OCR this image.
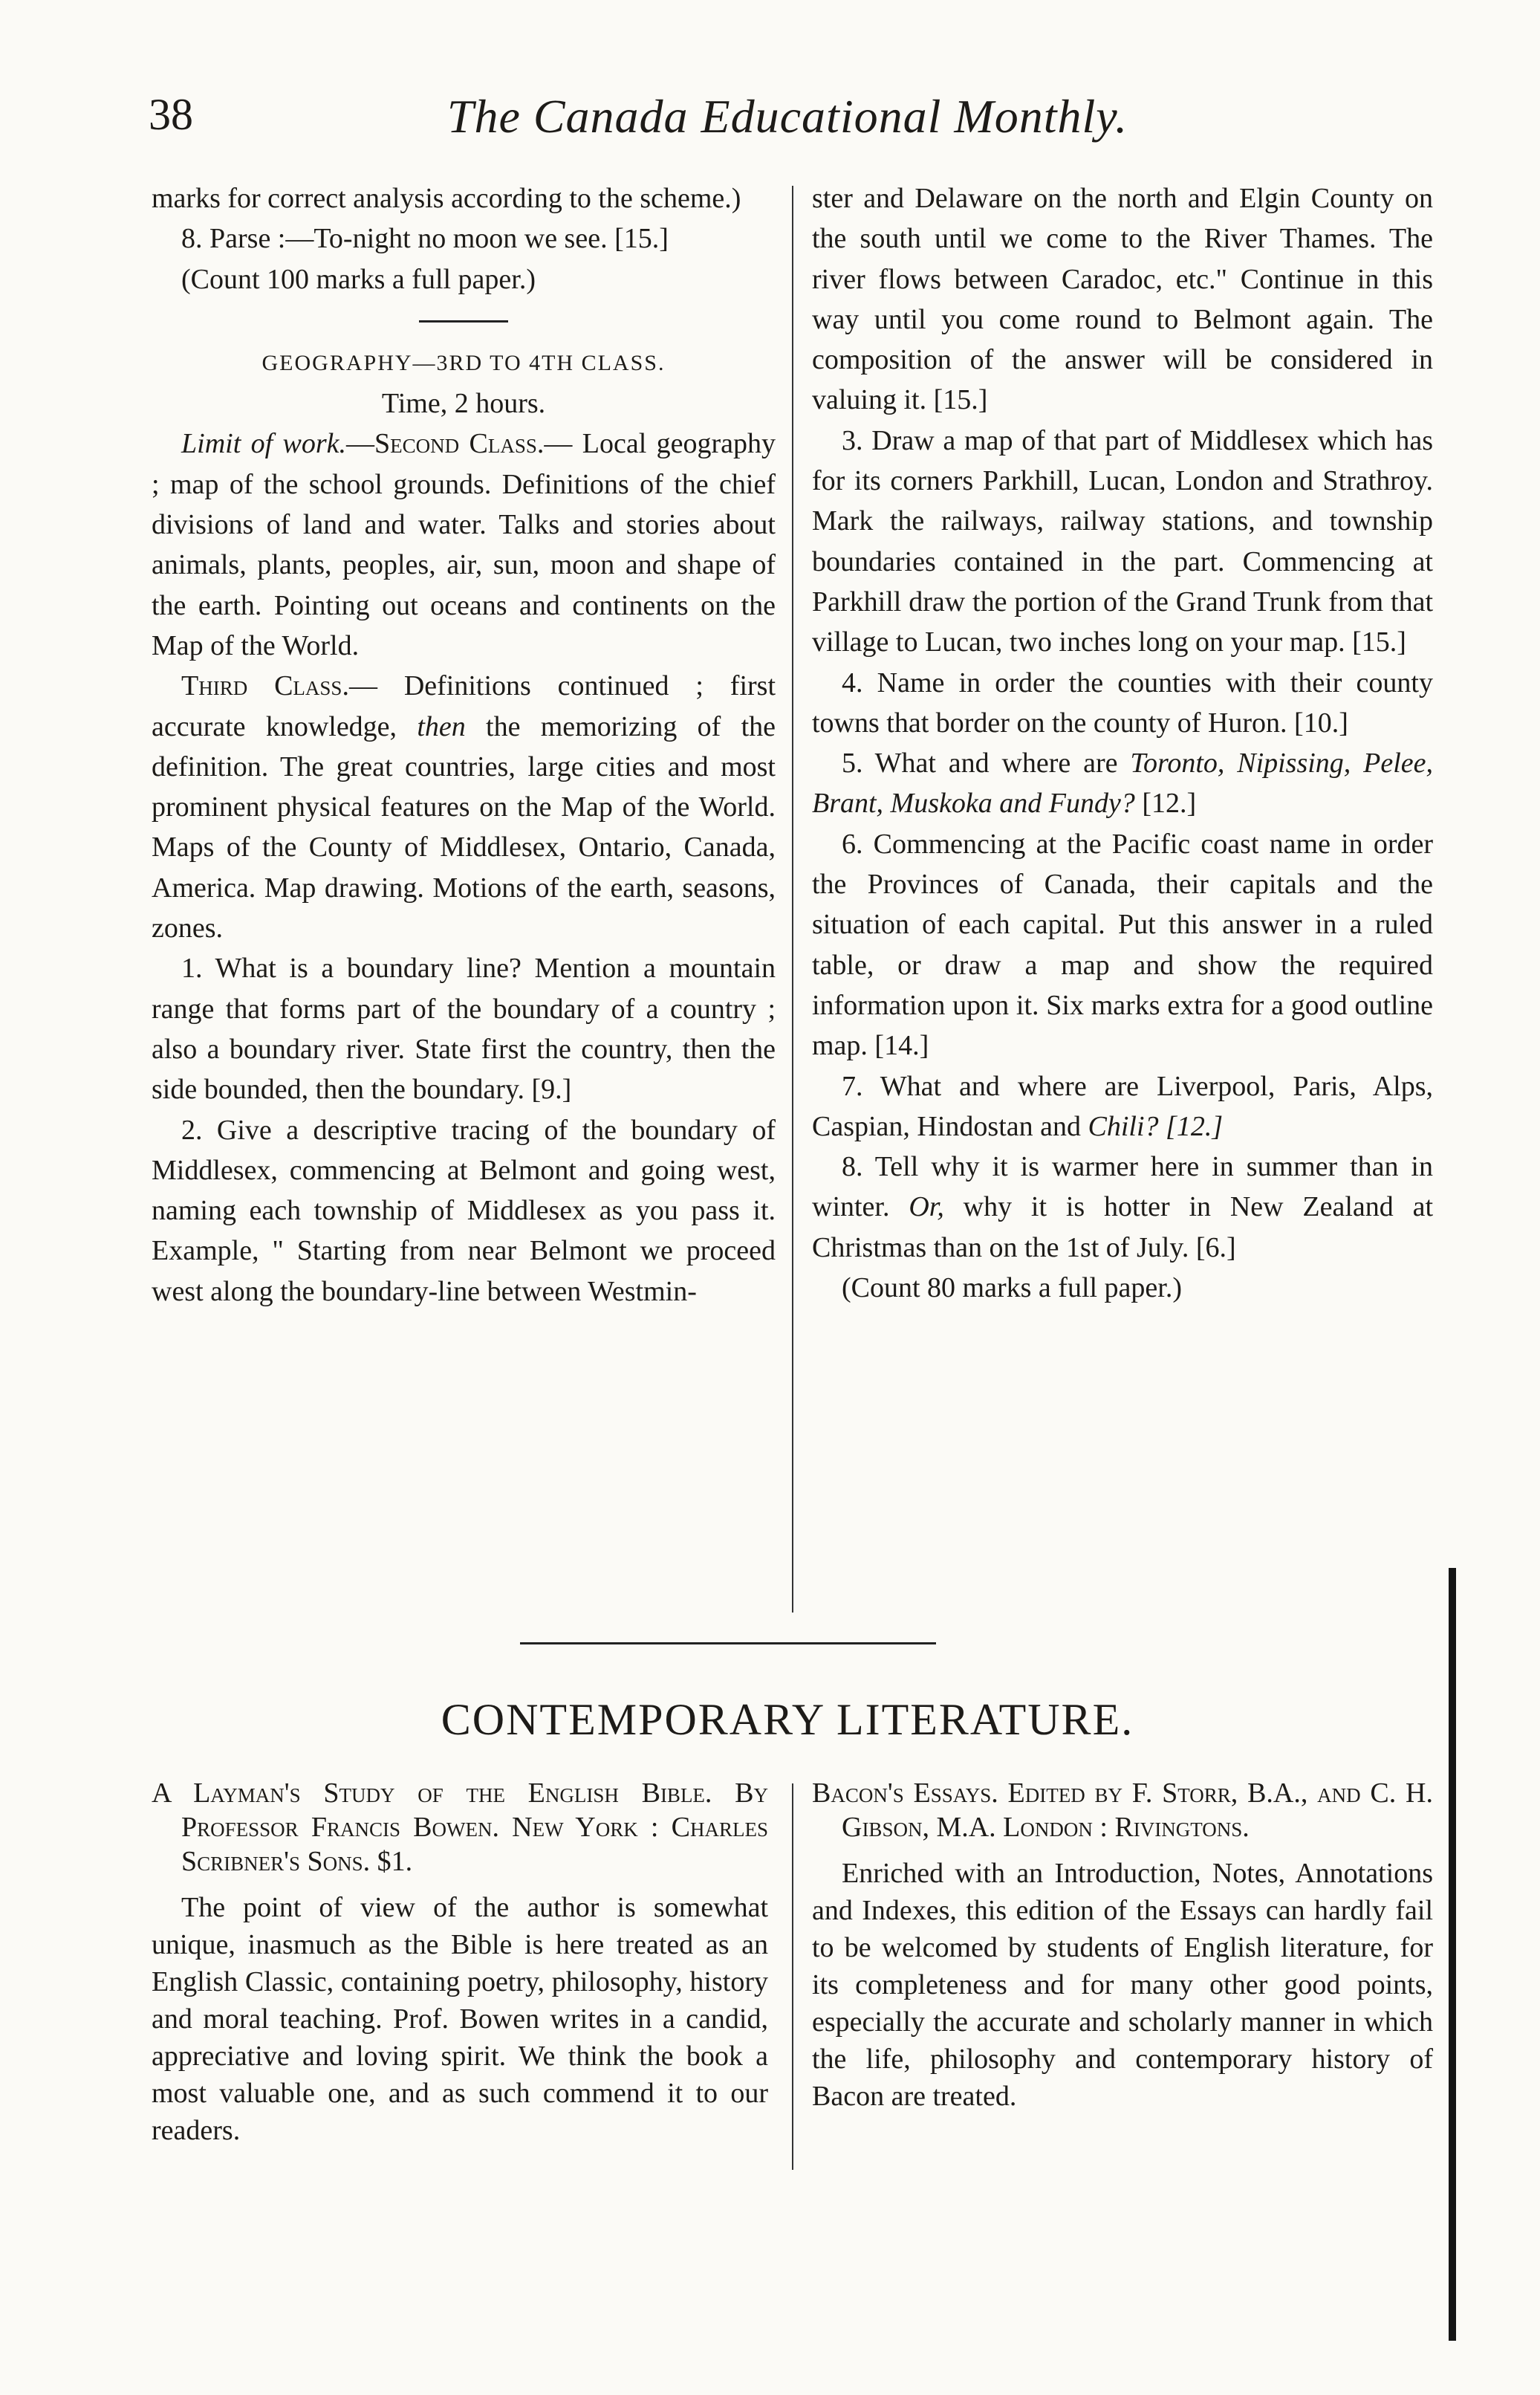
38	The Canada Educational Monthly.

marks for correct analysis according to the scheme.)

8. Parse :—To-night no moon we see. [15.]

(Count 100 marks a full paper.)

GEOGRAPHY—3RD TO 4TH CLASS.

Time, 2 hours.

Limit of work.—Second Class.— Local geography ; map of the school grounds. Definitions of the chief divisions of land and water. Talks and stories about animals, plants, peoples, air, sun, moon and shape of the earth. Pointing out oceans and continents on the Map of the World.

Third Class.— Definitions continued ; first accurate knowledge, then the memorizing of the definition. The great countries, large cities and most prominent physical features on the Map of the World. Maps of the County of Middlesex, Ontario, Canada, America. Map drawing. Motions of the earth, seasons, zones.

1. What is a boundary line? Mention a mountain range that forms part of the boundary of a country ; also a boundary river. State first the country, then the side bounded, then the boundary. [9.]

2. Give a descriptive tracing of the boundary of Middlesex, commencing at Belmont and going west, naming each township of Middlesex as you pass it. Example, " Starting from near Belmont we proceed west along the boundary-line between Westmin-

ster and Delaware on the north and Elgin County on the south until we come to the River Thames. The river flows between Caradoc, etc." Continue in this way until you come round to Belmont again. The composition of the answer will be considered in valuing it. [15.]

3. Draw a map of that part of Middlesex which has for its corners Parkhill, Lucan, London and Strathroy. Mark the railways, railway stations, and township boundaries contained in the part. Commencing at Parkhill draw the portion of the Grand Trunk from that village to Lucan, two inches long on your map. [15.]

4. Name in order the counties with their county towns that border on the county of Huron. [10.]

5. What and where are Toronto, Nipissing, Pelee, Brant, Muskoka and Fundy? [12.]

6. Commencing at the Pacific coast name in order the Provinces of Canada, their capitals and the situation of each capital. Put this answer in a ruled table, or draw a map and show the required information upon it. Six marks extra for a good outline map. [14.]

7. What and where are Liverpool, Paris, Alps, Caspian, Hindostan and Chili? [12.]

8. Tell why it is warmer here in summer than in winter. Or, why it is hotter in New Zealand at Christmas than on the 1st of July. [6.]

(Count 80 marks a full paper.)

CONTEMPORARY LITERATURE.

A Layman's Study of the English Bible. By Professor Francis Bowen. New York : Charles Scribner's Sons. $1.

The point of view of the author is somewhat unique, inasmuch as the Bible is here treated as an English Classic, containing poetry, philosophy, history and moral teaching. Prof. Bowen writes in a candid, appreciative and loving spirit. We think the book a most valuable one, and as such commend it to our readers.

Bacon's Essays. Edited by F. Storr, B.A., and C. H. Gibson, M.A. London : Rivingtons.

Enriched with an Introduction, Notes, Annotations and Indexes, this edition of the Essays can hardly fail to be welcomed by students of English literature, for its completeness and for many other good points, especially the accurate and scholarly manner in which the life, philosophy and contemporary history of Bacon are treated.
